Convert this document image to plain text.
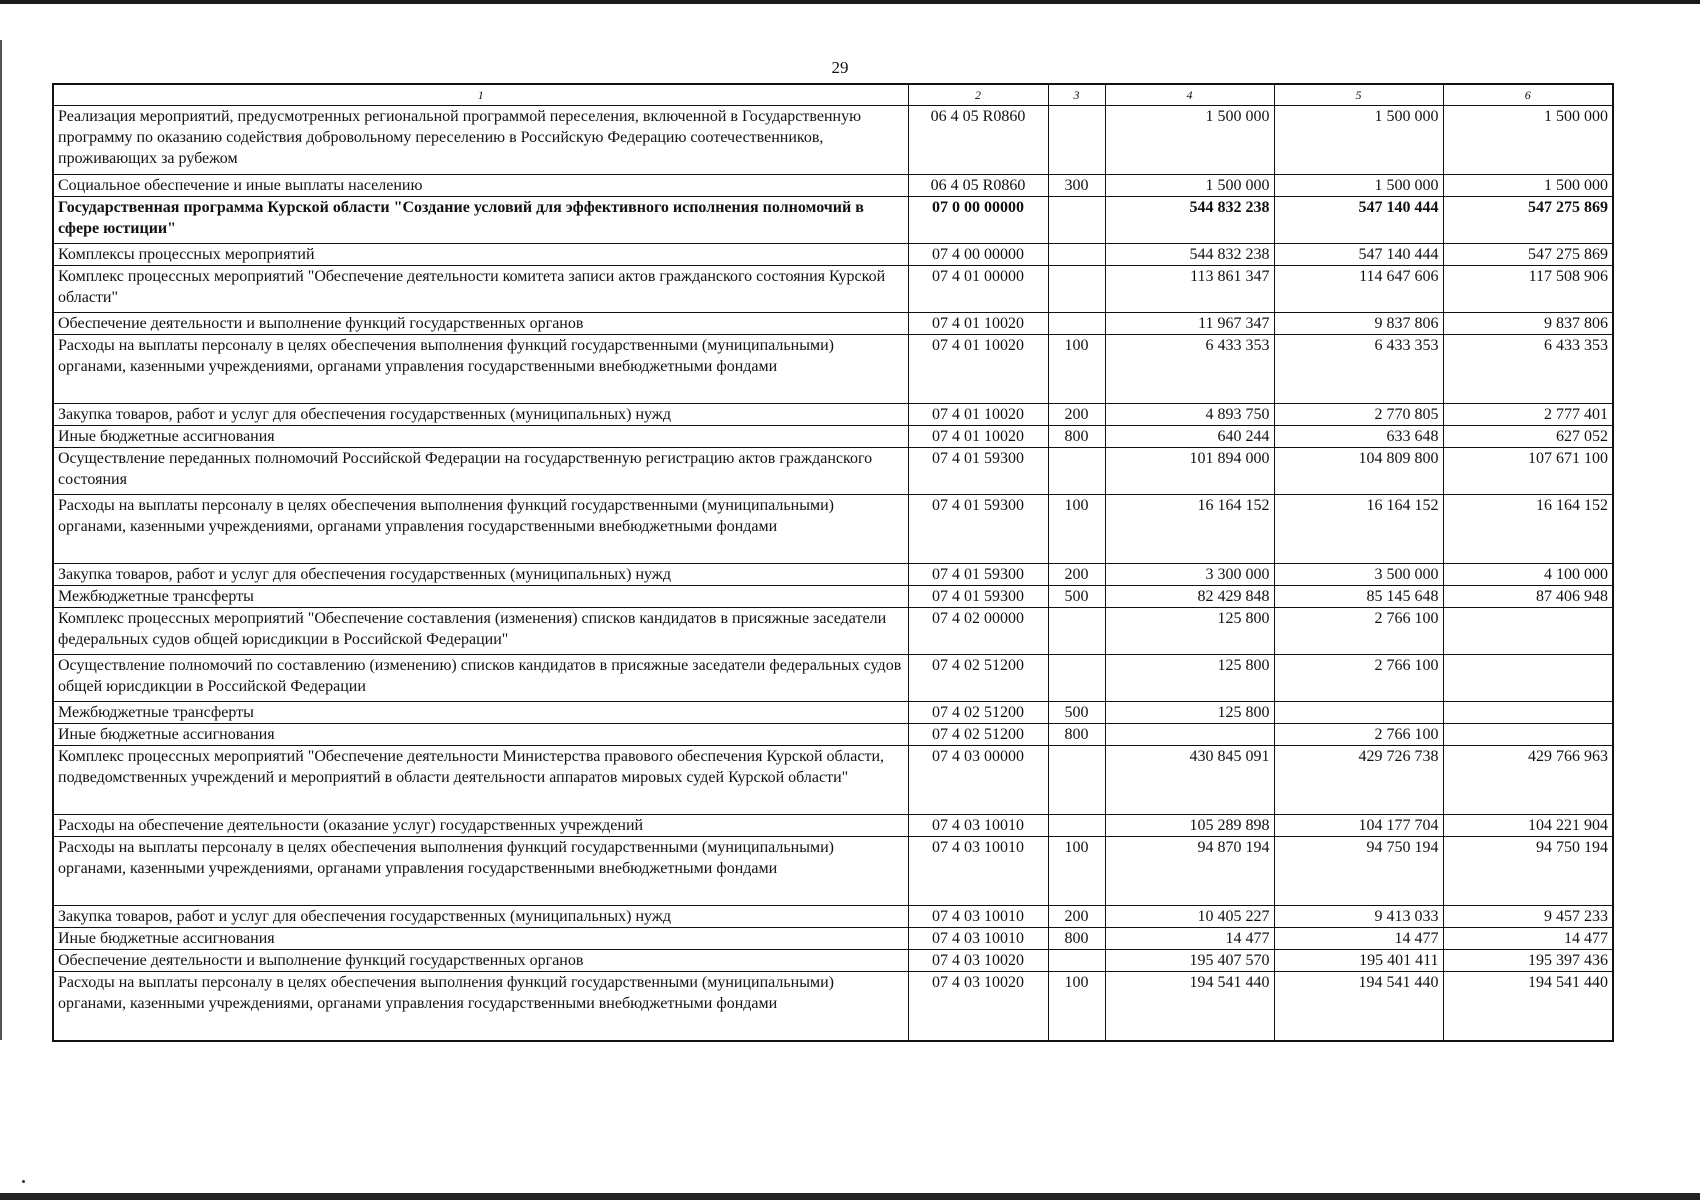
29
1	2	3	4	5	6
Реализация мероприятий, предусмотренных региональной программой переселения, включенной в Государственную программу по оказанию содействия добровольному переселению в Российскую Федерацию соотечественников, проживающих за рубежом	06 4 05 R0860		1 500 000	1 500 000	1 500 000
Социальное обеспечение и иные выплаты населению	06 4 05 R0860	300	1 500 000	1 500 000	1 500 000
Государственная программа Курской области "Создание условий для эффективного исполнения полномочий в сфере юстиции"	07 0 00 00000		544 832 238	547 140 444	547 275 869
Комплексы процессных мероприятий	07 4 00 00000		544 832 238	547 140 444	547 275 869
Комплекс процессных мероприятий "Обеспечение деятельности комитета записи актов гражданского состояния Курской области"	07 4 01 00000		113 861 347	114 647 606	117 508 906
Обеспечение деятельности и выполнение функций государственных органов	07 4 01 10020		11 967 347	9 837 806	9 837 806
Расходы на выплаты персоналу в целях обеспечения выполнения функций государственными (муниципальными) органами, казенными учреждениями, органами управления государственными внебюджетными фондами	07 4 01 10020	100	6 433 353	6 433 353	6 433 353
Закупка товаров, работ и услуг для обеспечения государственных (муниципальных) нужд	07 4 01 10020	200	4 893 750	2 770 805	2 777 401
Иные бюджетные ассигнования	07 4 01 10020	800	640 244	633 648	627 052
Осуществление переданных полномочий Российской Федерации на государственную регистрацию актов гражданского состояния	07 4 01 59300		101 894 000	104 809 800	107 671 100
Расходы на выплаты персоналу в целях обеспечения выполнения функций государственными (муниципальными) органами, казенными учреждениями, органами управления государственными внебюджетными фондами	07 4 01 59300	100	16 164 152	16 164 152	16 164 152
Закупка товаров, работ и услуг для обеспечения государственных (муниципальных) нужд	07 4 01 59300	200	3 300 000	3 500 000	4 100 000
Межбюджетные трансферты	07 4 01 59300	500	82 429 848	85 145 648	87 406 948
Комплекс процессных мероприятий "Обеспечение составления (изменения) списков кандидатов в присяжные заседатели федеральных судов общей юрисдикции в Российской Федерации"	07 4 02 00000		125 800	2 766 100	
Осуществление полномочий по составлению (изменению) списков кандидатов в присяжные заседатели федеральных судов общей юрисдикции в Российской Федерации	07 4 02 51200		125 800	2 766 100	
Межбюджетные трансферты	07 4 02 51200	500	125 800		
Иные бюджетные ассигнования	07 4 02 51200	800		2 766 100	
Комплекс процессных мероприятий "Обеспечение деятельности Министерства правового обеспечения Курской области, подведомственных учреждений и мероприятий в области деятельности аппаратов мировых судей Курской области"	07 4 03 00000		430 845 091	429 726 738	429 766 963
Расходы на обеспечение деятельности (оказание услуг) государственных учреждений	07 4 03 10010		105 289 898	104 177 704	104 221 904
Расходы на выплаты персоналу в целях обеспечения выполнения функций государственными (муниципальными) органами, казенными учреждениями, органами управления государственными внебюджетными фондами	07 4 03 10010	100	94 870 194	94 750 194	94 750 194
Закупка товаров, работ и услуг для обеспечения государственных (муниципальных) нужд	07 4 03 10010	200	10 405 227	9 413 033	9 457 233
Иные бюджетные ассигнования	07 4 03 10010	800	14 477	14 477	14 477
Обеспечение деятельности и выполнение функций государственных органов	07 4 03 10020		195 407 570	195 401 411	195 397 436
Расходы на выплаты персоналу в целях обеспечения выполнения функций государственными (муниципальными) органами, казенными учреждениями, органами управления государственными внебюджетными фондами	07 4 03 10020	100	194 541 440	194 541 440	194 541 440
